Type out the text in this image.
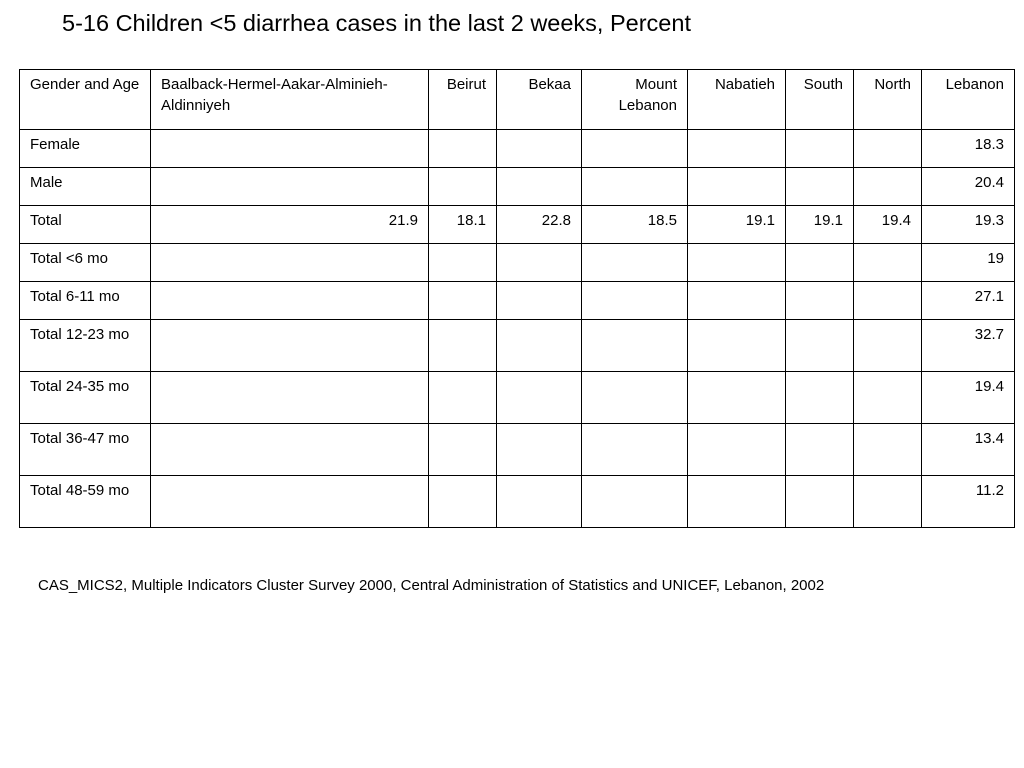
5-16 Children <5 diarrhea cases in the last 2 weeks, Percent
Gender and Age	Baalback-Hermel-Aakar-Alminieh-Aldinniyeh	Beirut	Bekaa	Mount Lebanon	Nabatieh	South	North	Lebanon
Female								18.3
Male								20.4
Total	21.9	18.1	22.8	18.5	19.1	19.1	19.4	19.3
Total <6 mo								19
Total 6-11 mo								27.1
Total 12-23 mo								32.7
Total 24-35 mo								19.4
Total 36-47 mo								13.4
Total 48-59 mo								11.2
CAS_MICS2, Multiple Indicators Cluster Survey 2000, Central Administration of Statistics and UNICEF, Lebanon, 2002
